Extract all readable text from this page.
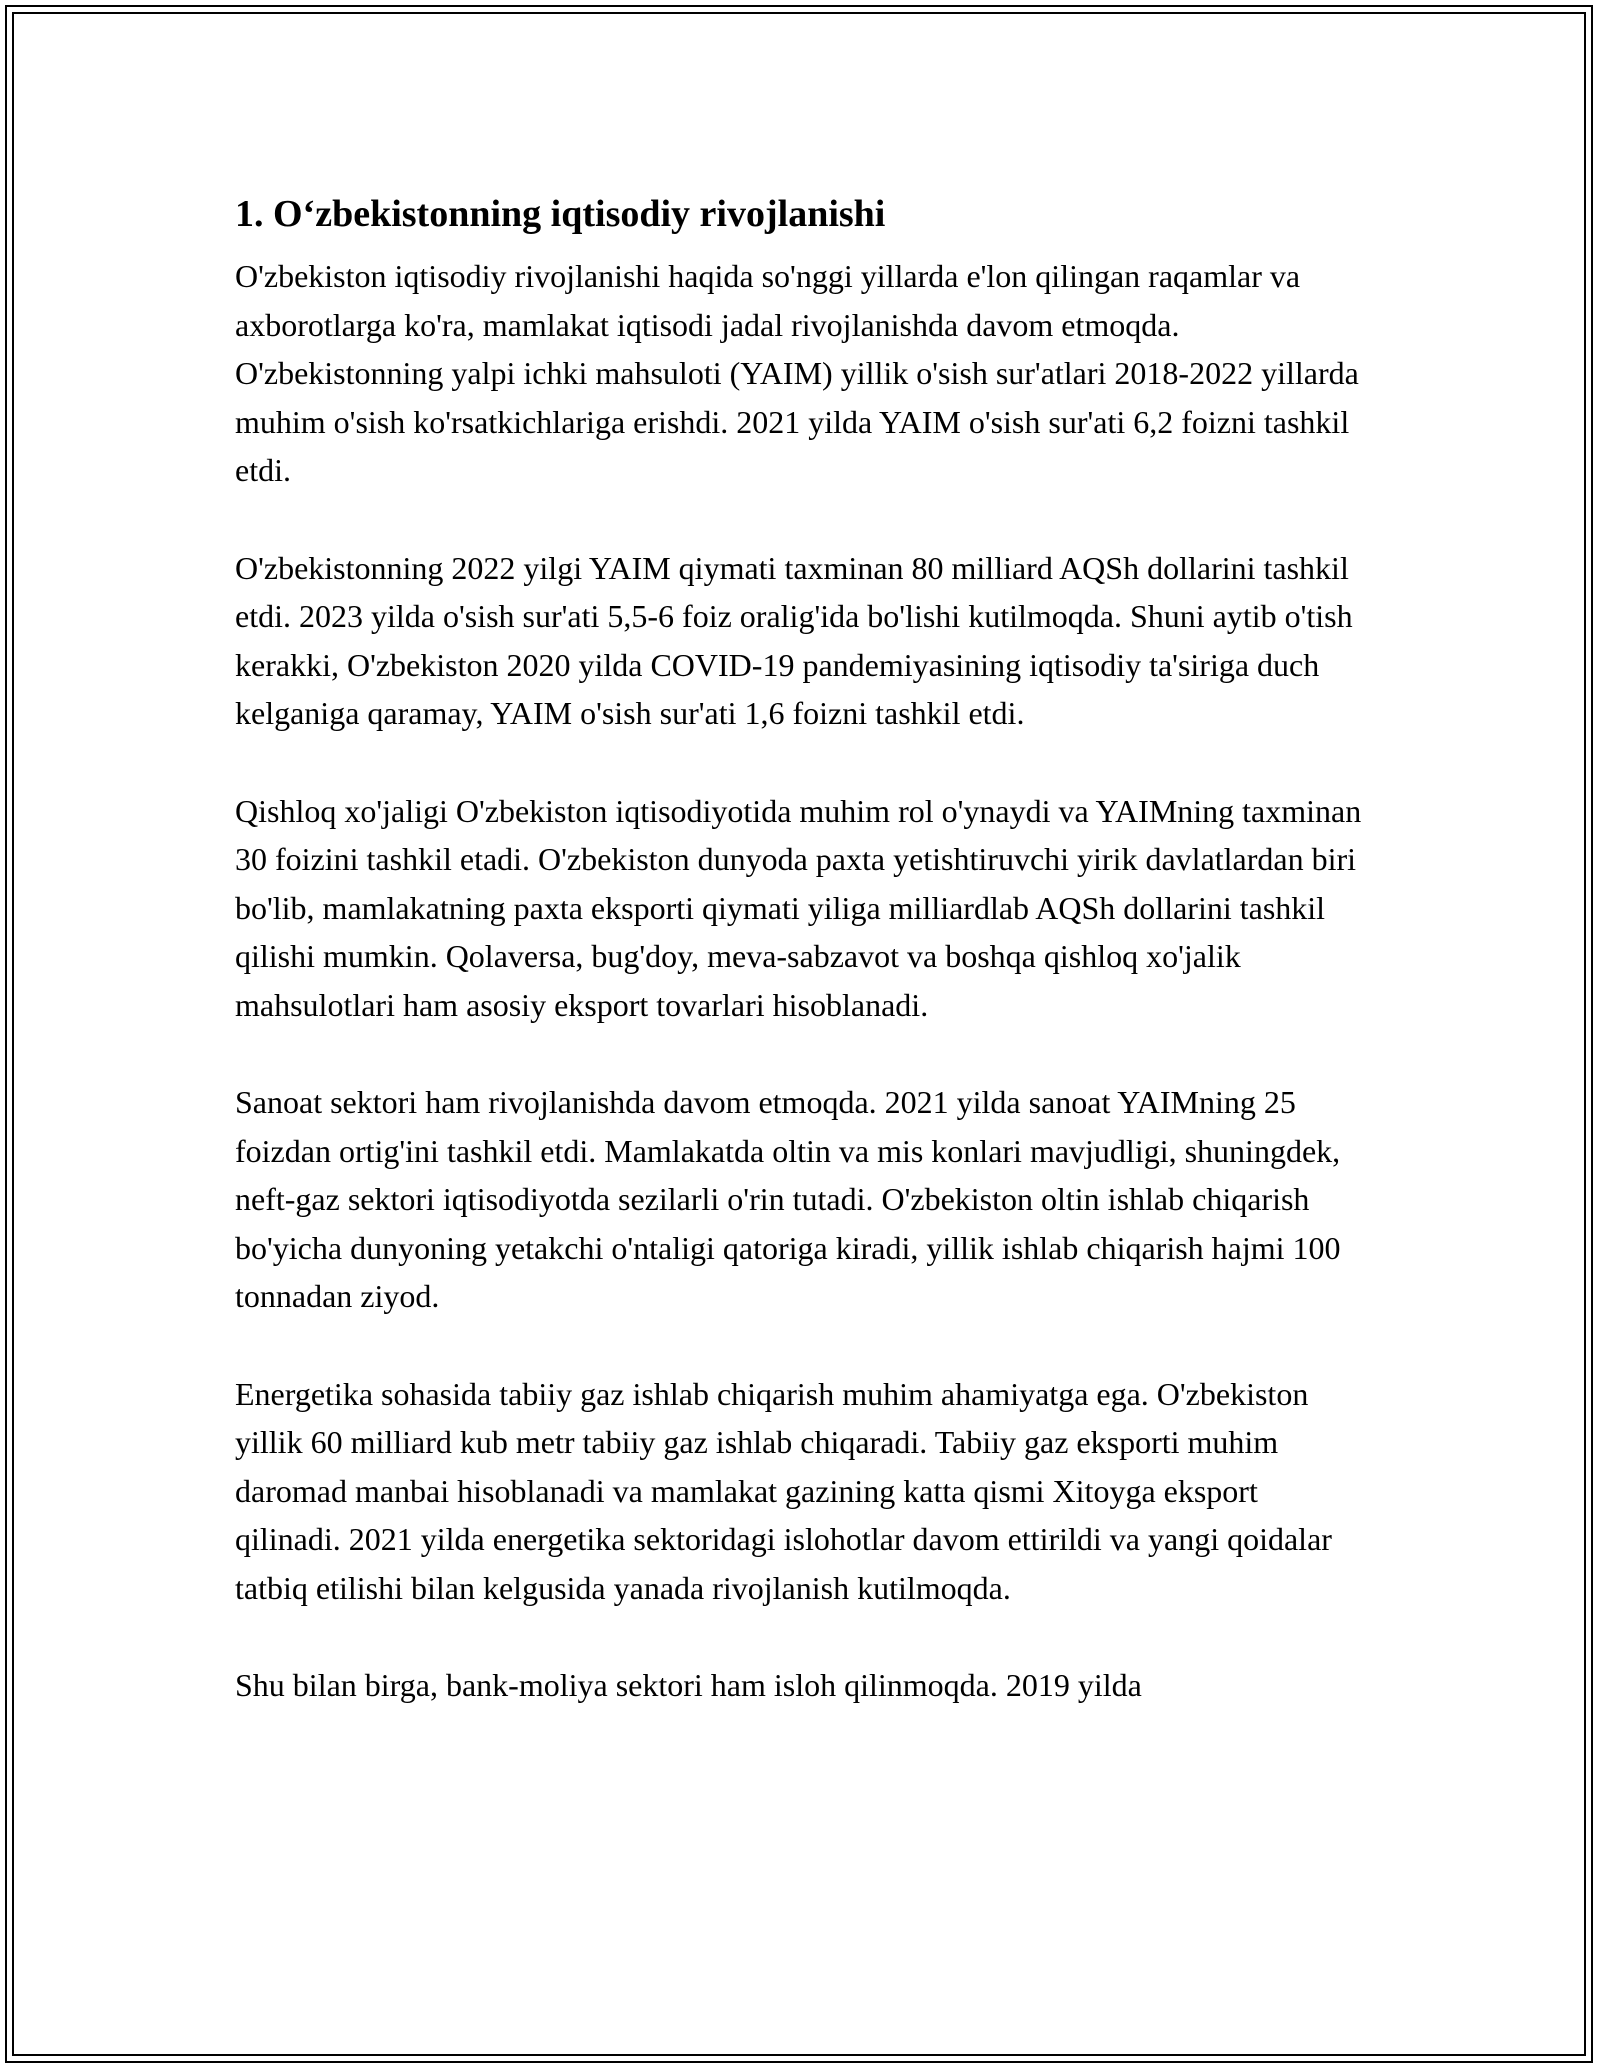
1. O‘zbekistonning iqtisodiy rivojlanishi

O'zbekiston iqtisodiy rivojlanishi haqida so'nggi yillarda e'lon qilingan raqamlar va axborotlarga ko'ra, mamlakat iqtisodi jadal rivojlanishda davom etmoqda. O'zbekistonning yalpi ichki mahsuloti (YAIM) yillik o'sish sur'atlari 2018-2022 yillarda muhim o'sish ko'rsatkichlariga erishdi. 2021 yilda YAIM o'sish sur'ati 6,2 foizni tashkil etdi.

O'zbekistonning 2022 yilgi YAIM qiymati taxminan 80 milliard AQSh dollarini tashkil etdi. 2023 yilda o'sish sur'ati 5,5-6 foiz oralig'ida bo'lishi kutilmoqda. Shuni aytib o'tish kerakki, O'zbekiston 2020 yilda COVID-19 pandemiyasining iqtisodiy ta'siriga duch kelganiga qaramay, YAIM o'sish sur'ati 1,6 foizni tashkil etdi.

Qishloq xo'jaligi O'zbekiston iqtisodiyotida muhim rol o'ynaydi va YAIMning taxminan 30 foizini tashkil etadi. O'zbekiston dunyoda paxta yetishtiruvchi yirik davlatlardan biri bo'lib, mamlakatning paxta eksporti qiymati yiliga milliardlab AQSh dollarini tashkil qilishi mumkin. Qolaversa, bug'doy, meva-sabzavot va boshqa qishloq xo'jalik mahsulotlari ham asosiy eksport tovarlari hisoblanadi.

Sanoat sektori ham rivojlanishda davom etmoqda. 2021 yilda sanoat YAIMning 25 foizdan ortig'ini tashkil etdi. Mamlakatda oltin va mis konlari mavjudligi, shuningdek, neft-gaz sektori iqtisodiyotda sezilarli o'rin tutadi. O'zbekiston oltin ishlab chiqarish bo'yicha dunyoning yetakchi o'ntaligi qatoriga kiradi, yillik ishlab chiqarish hajmi 100 tonnadan ziyod.

Energetika sohasida tabiiy gaz ishlab chiqarish muhim ahamiyatga ega. O'zbekiston yillik 60 milliard kub metr tabiiy gaz ishlab chiqaradi. Tabiiy gaz eksporti muhim daromad manbai hisoblanadi va mamlakat gazining katta qismi Xitoyga eksport qilinadi. 2021 yilda energetika sektoridagi islohotlar davom ettirildi va yangi qoidalar tatbiq etilishi bilan kelgusida yanada rivojlanish kutilmoqda.

Shu bilan birga, bank-moliya sektori ham isloh qilinmoqda. 2019 yilda
